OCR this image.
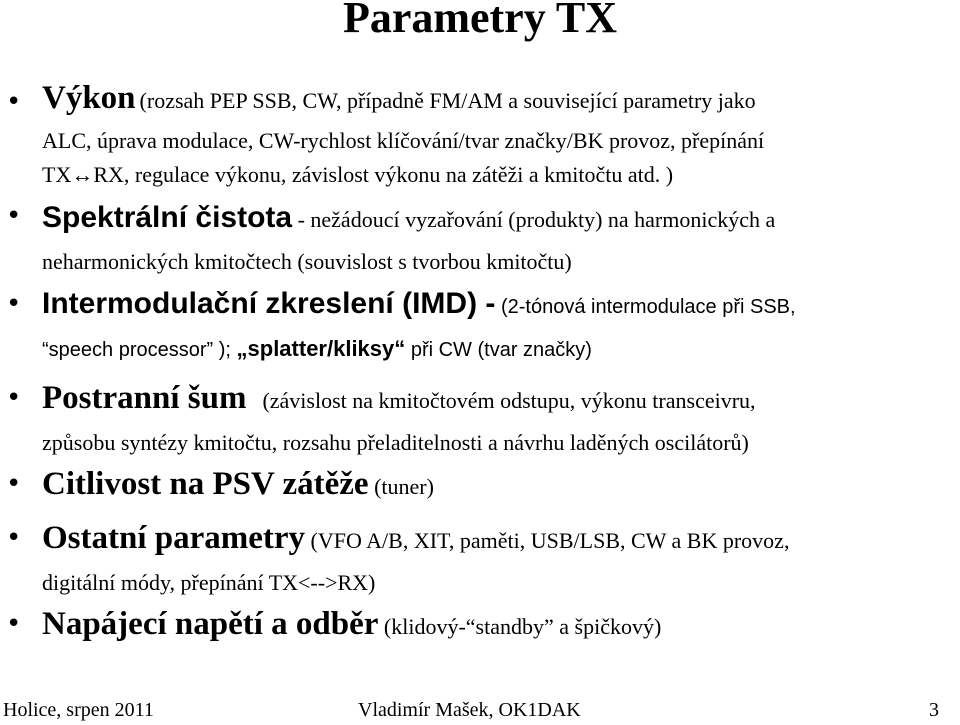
Parametry TX
• Výkon (rozsah PEP SSB, CW, případně FM/AM a související parametry jako
ALC, úprava modulace, CW-rychlost klíčování/tvar značky/BK provoz, přepínání
TX↔RX, regulace výkonu, závislost výkonu na zátěži a kmitočtu atd. )
• Spektrální čistota - nežádoucí vyzařování (produkty) na harmonických a
neharmonických kmitočtech (souvislost s tvorbou kmitočtu)
• Intermodulační zkreslení (IMD) - (2-tónová intermodulace při SSB,
“speech processor” ); „splatter/kliksy“ při CW (tvar značky)
• Postranní šum (závislost na kmitočtovém odstupu, výkonu transceivru,
způsobu syntézy kmitočtu, rozsahu přeladitelnosti a návrhu laděných oscilátorů)
• Citlivost na PSV zátěže (tuner)
• Ostatní parametry (VFO A/B, XIT, paměti, USB/LSB, CW a BK provoz,
digitální módy, přepínání TX<-->RX)
• Napájecí napětí a odběr (klidový-“standby” a špičkový)
Holice, srpen 2011	Vladimír Mašek, OK1DAK	3
